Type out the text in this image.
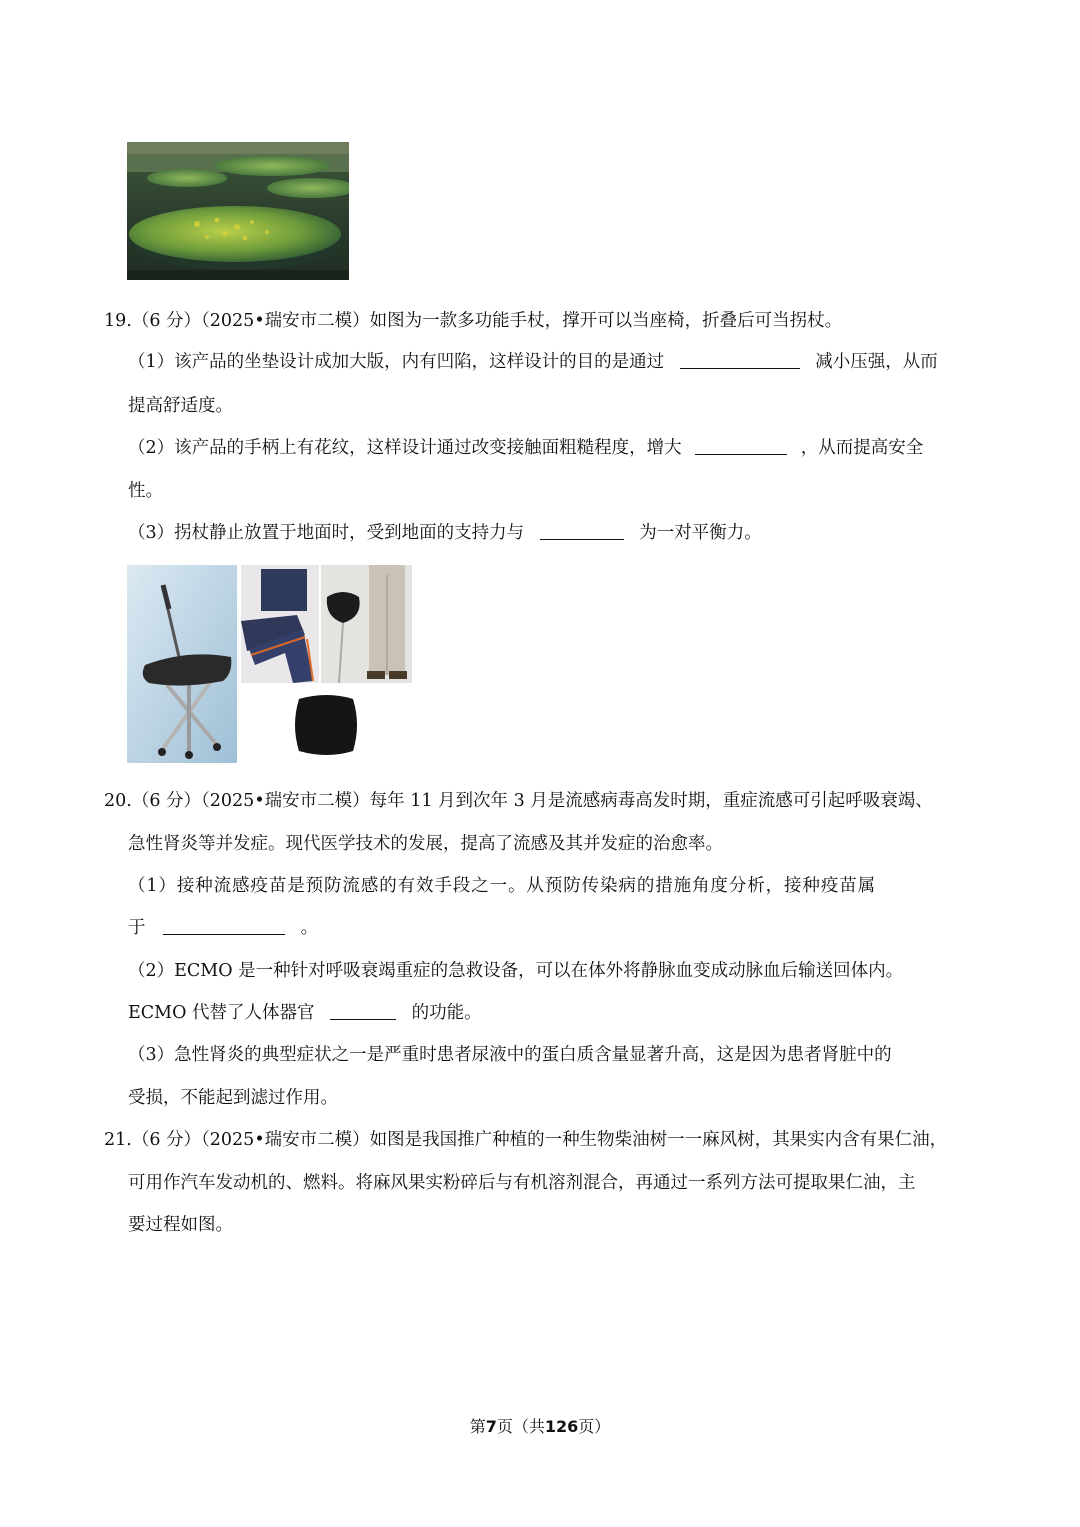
19.（6 分）（2025•瑞安市二模）如图为一款多功能手杖，撑开可以当座椅，折叠后可当拐杖。
（1）该产品的坐垫设计成加大版，内有凹陷，这样设计的目的是通过	减小压强，从而
提高舒适度。
（2）该产品的手柄上有花纹，这样设计通过改变接触面粗糙程度，增大	，从而提高安全
性。
（3）拐杖静止放置于地面时，受到地面的支持力与	为一对平衡力。
20.（6 分）（2025•瑞安市二模）每年 11 月到次年 3 月是流感病毒高发时期，重症流感可引起呼吸衰竭、
急性肾炎等并发症。现代医学技术的发展，提高了流感及其并发症的治愈率。
（1）接种流感疫苗是预防流感的有效手段之一。从预防传染病的措施角度分析，接种疫苗属
于	。
（2）ECMO 是一种针对呼吸衰竭重症的急救设备，可以在体外将静脉血变成动脉血后输送回体内。
ECMO 代替了人体器官	的功能。
（3）急性肾炎的典型症状之一是严重时患者尿液中的蛋白质含量显著升高，这是因为患者肾脏中的
受损，不能起到滤过作用。
21.（6 分）（2025•瑞安市二模）如图是我国推广种植的一种生物柴油树一一麻风树，其果实内含有果仁油，
可用作汽车发动机的、燃料。将麻风果实粉碎后与有机溶剂混合，再通过一系列方法可提取果仁油，主
要过程如图。
第7页（共126页）
